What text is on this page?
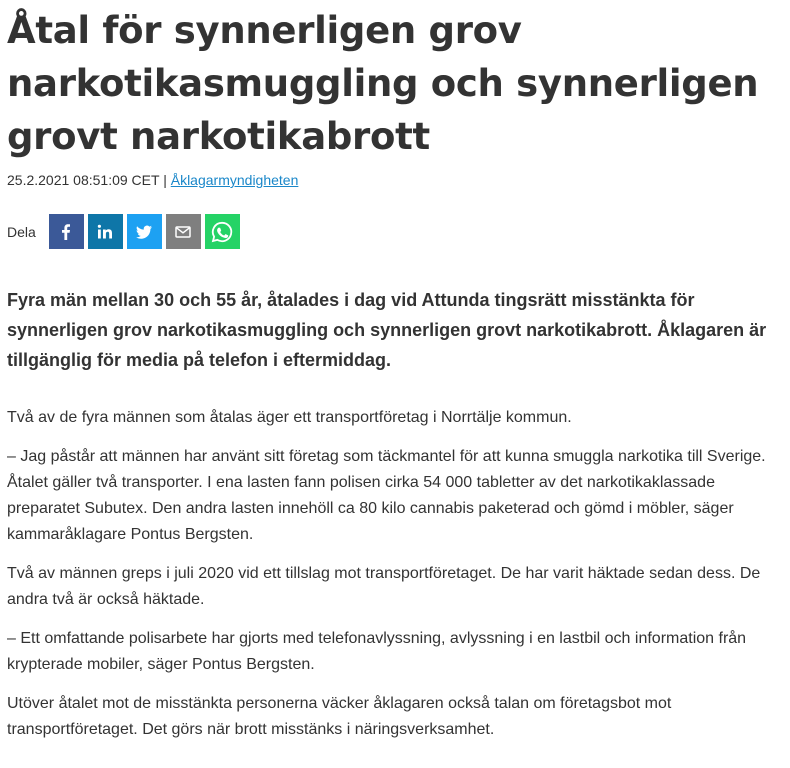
Åtal för synnerligen grov narkotikasmuggling och synnerligen grovt narkotikabrott
25.2.2021 08:51:09 CET | Åklagarmyndigheten
Dela

Fyra män mellan 30 och 55 år, åtalades i dag vid Attunda tingsrätt misstänkta för synnerligen grov narkotikasmuggling och synnerligen grovt narkotikabrott. Åklagaren är tillgänglig för media på telefon i eftermiddag.

Två av de fyra männen som åtalas äger ett transportföretag i Norrtälje kommun.

– Jag påstår att männen har använt sitt företag som täckmantel för att kunna smuggla narkotika till Sverige. Åtalet gäller två transporter. I ena lasten fann polisen cirka 54 000 tabletter av det narkotikaklassade preparatet Subutex. Den andra lasten innehöll ca 80 kilo cannabis paketerad och gömd i möbler, säger kammaråklagare Pontus Bergsten.

Två av männen greps i juli 2020 vid ett tillslag mot transportföretaget. De har varit häktade sedan dess. De andra två är också häktade.

– Ett omfattande polisarbete har gjorts med telefonavlyssning, avlyssning i en lastbil och information från krypterade mobiler, säger Pontus Bergsten.

Utöver åtalet mot de misstänkta personerna väcker åklagaren också talan om företagsbot mot transportföretaget. Det görs när brott misstänks i näringsverksamhet.
